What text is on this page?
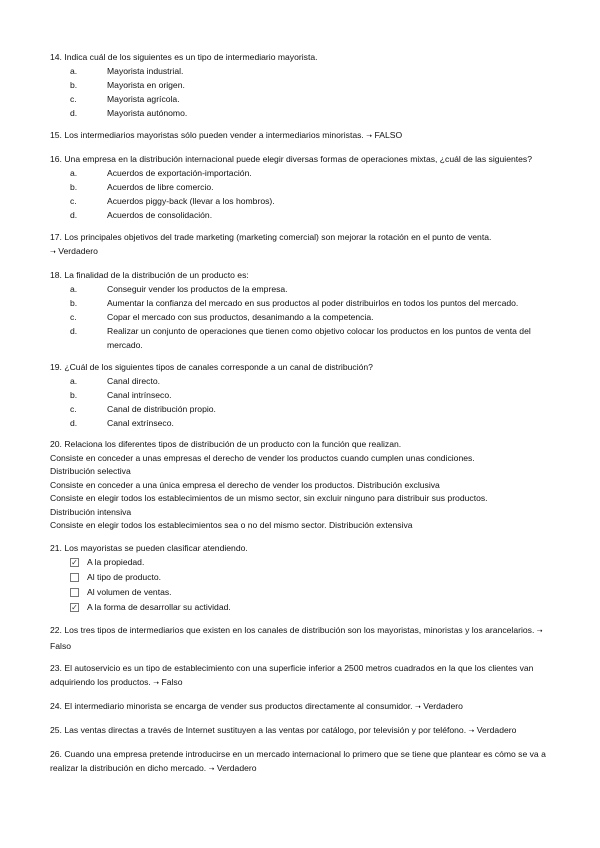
14. Indica cuál de los siguientes es un tipo de intermediario mayorista.
a.	Mayorista industrial.
b.	Mayorista en origen.
c.	Mayorista agrícola.
d.	Mayorista autónomo.
15. Los intermediarios mayoristas sólo pueden vender a intermediarios minoristas. ➝ FALSO
16. Una empresa en la distribución internacional puede elegir diversas formas de operaciones mixtas, ¿cuál de las siguientes?
a.	Acuerdos de exportación-importación.
b.	Acuerdos de libre comercio.
c.	Acuerdos piggy-back (llevar a los hombros).
d.	Acuerdos de consolidación.
17. Los principales objetivos del trade marketing (marketing comercial) son mejorar la rotación en el punto de venta.
➝ Verdadero
18. La finalidad de la distribución de un producto es:
a.	Conseguir vender los productos de la empresa.
b.	Aumentar la confianza del mercado en sus productos al poder distribuirlos en todos los puntos del mercado.
c.	Copar el mercado con sus productos, desanimando a la competencia.
d.	Realizar un conjunto de operaciones que tienen como objetivo colocar los productos en los puntos de venta del mercado.
19. ¿Cuál de los siguientes tipos de canales corresponde a un canal de distribución?
a.	Canal directo.
b.	Canal intrínseco.
c.	Canal de distribución propio.
d.	Canal extrínseco.
20. Relaciona los diferentes tipos de distribución de un producto con la función que realizan.
Consiste en conceder a unas empresas el derecho de vender los productos cuando cumplen unas condiciones.
Distribución selectiva
Consiste en conceder a una única empresa el derecho de vender los productos. Distribución exclusiva
Consiste en elegir todos los establecimientos de un mismo sector, sin excluir ninguno para distribuir sus productos.
Distribución intensiva
Consiste en elegir todos los establecimientos sea o no del mismo sector. Distribución extensiva
21. Los mayoristas se pueden clasificar atendiendo.
✓ A la propiedad.
Al tipo de producto.
Al volumen de ventas.
✓ A la forma de desarrollar su actividad.
22. Los tres tipos de intermediarios que existen en los canales de distribución son los mayoristas, minoristas y los arancelarios. ➝ Falso
23. El autoservicio es un tipo de establecimiento con una superficie inferior a 2500 metros cuadrados en la que los clientes van adquiriendo los productos. ➝ Falso
24. El intermediario minorista se encarga de vender sus productos directamente al consumidor. ➝ Verdadero
25. Las ventas directas a través de Internet sustituyen a las ventas por catálogo, por televisión y por teléfono. ➝ Verdadero
26. Cuando una empresa pretende introducirse en un mercado internacional lo primero que se tiene que plantear es cómo se va a realizar la distribución en dicho mercado. ➝ Verdadero
